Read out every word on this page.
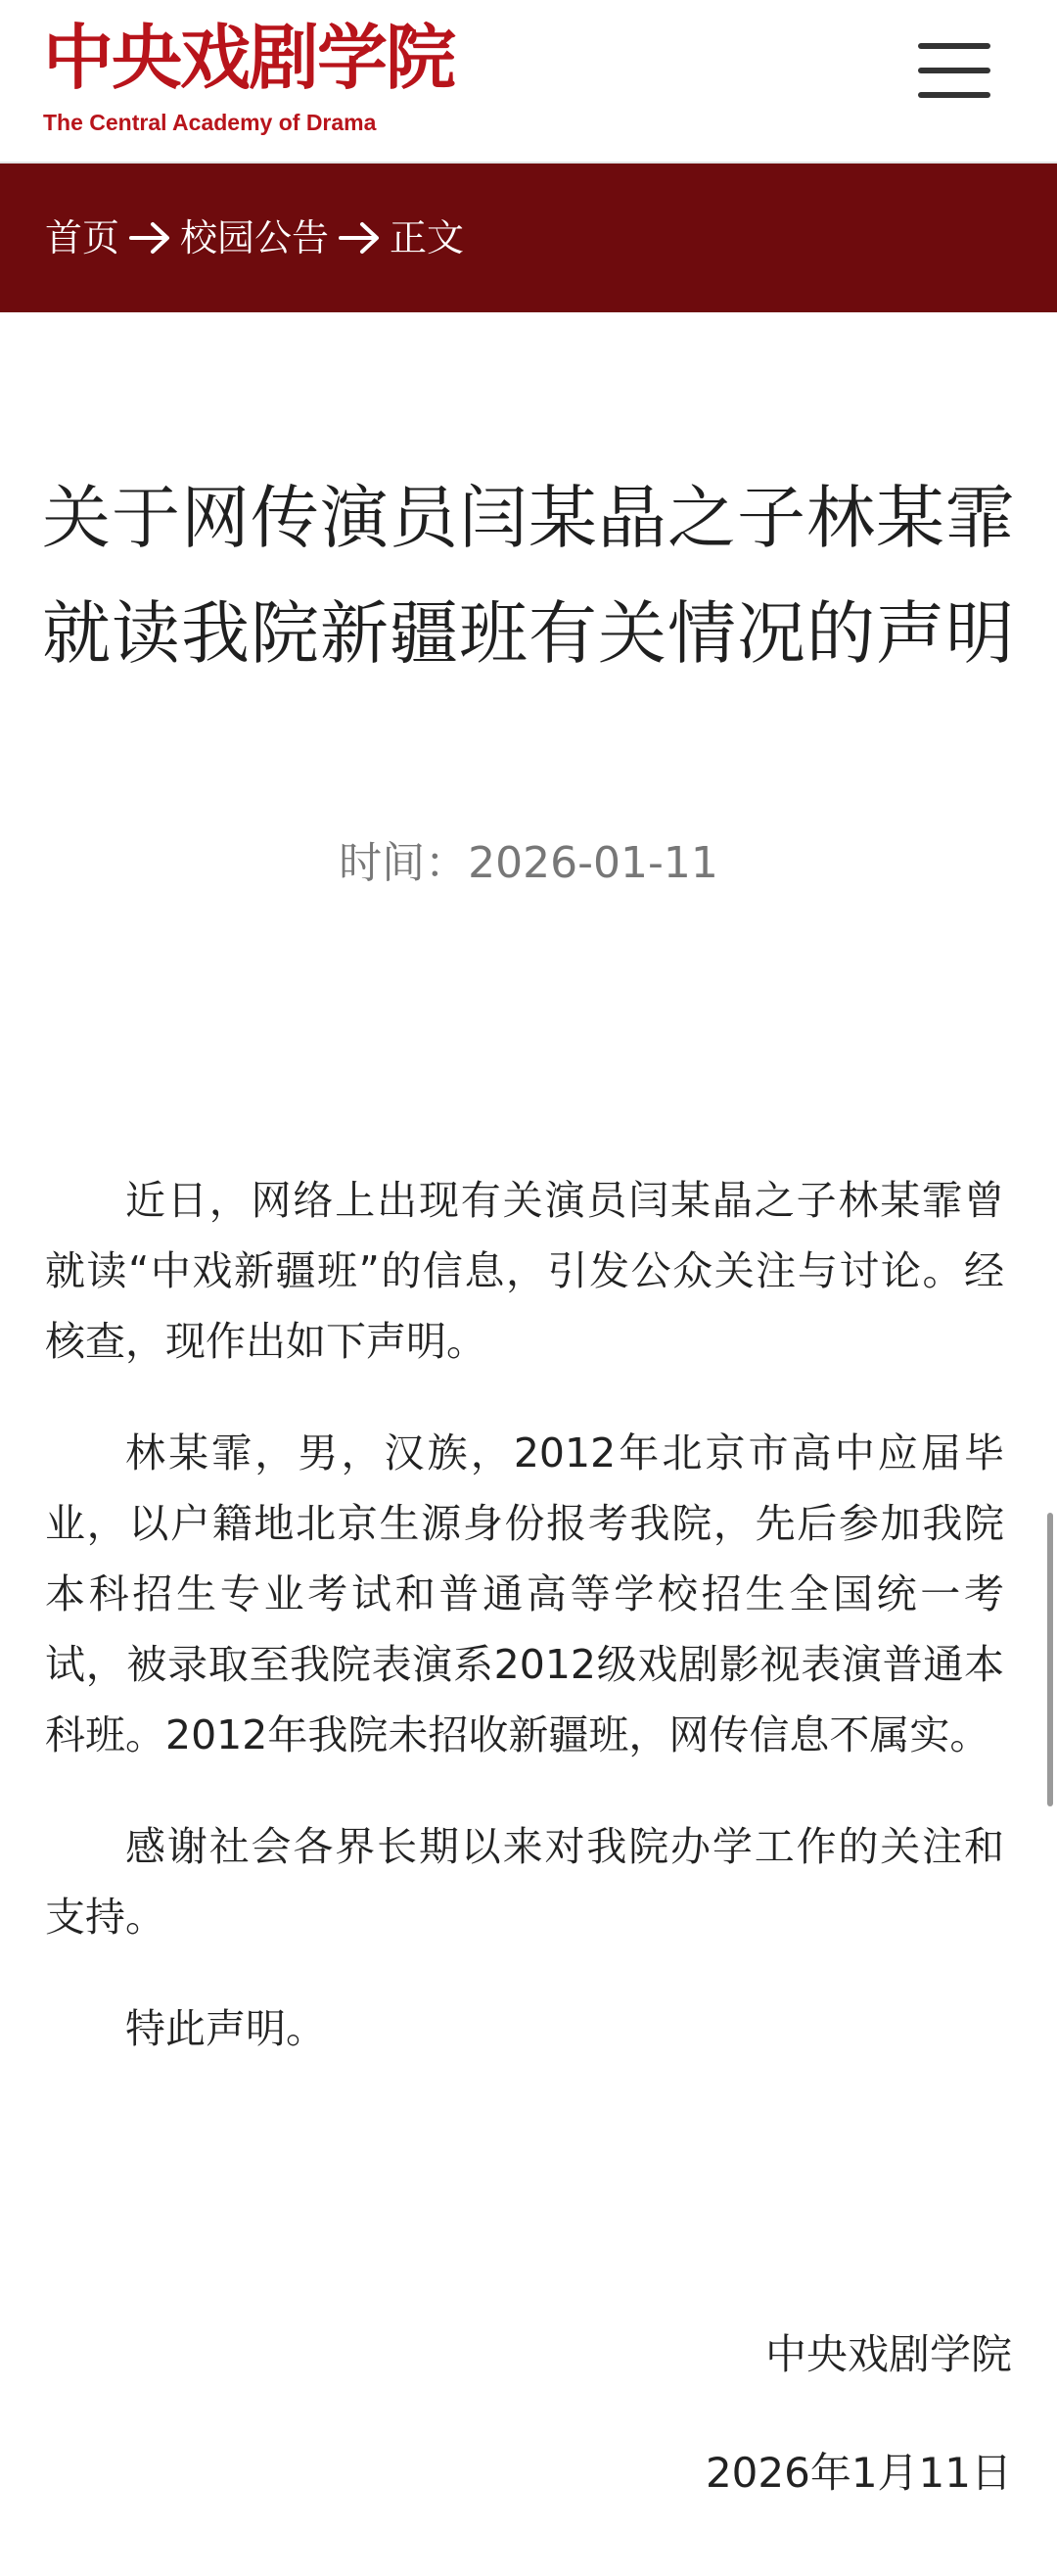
中央戏剧学院
The Central Academy of Drama
首页 校园公告 正文
关于网传演员闫某晶之子林某霏就读我院新疆班有关情况的声明
时间：2026-01-11

近日，网络上出现有关演员闫某晶之子林某霏曾就读“中戏新疆班”的信息，引发公众关注与讨论。经核查，现作出如下声明。

林某霏，男，汉族，2012年北京市高中应届毕业，以户籍地北京生源身份报考我院，先后参加我院本科招生专业考试和普通高等学校招生全国统一考试，被录取至我院表演系2012级戏剧影视表演普通本科班。2012年我院未招收新疆班，网传信息不属实。

感谢社会各界长期以来对我院办学工作的关注和支持。

特此声明。

中央戏剧学院
2026年1月11日
